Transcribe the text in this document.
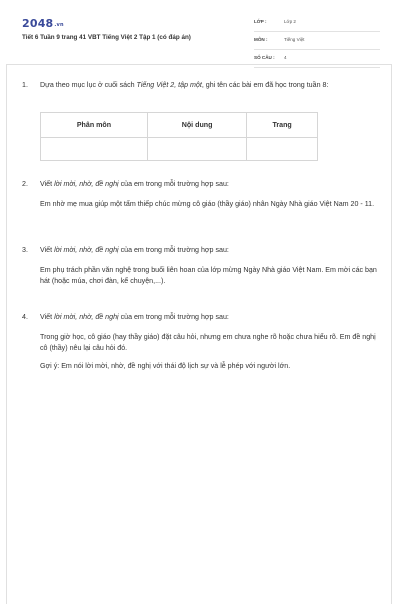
2048.vn
Tiết 6 Tuần 9 trang 41 VBT Tiếng Việt 2 Tập 1 (có đáp án)
LỚP :	Lớp 2
MÔN :	Tiếng Việt
SỐ CÂU : 4
1. Dựa theo mục lục ở cuối sách Tiếng Việt 2, tập một, ghi tên các bài em đã học trong tuần 8:
Phân môn	Nội dung	Trang

2. Viết lời mời, nhờ, đề nghị của em trong mỗi trường hợp sau:

Em nhờ mẹ mua giúp một tấm thiếp chúc mừng cô giáo (thầy giáo) nhân Ngày Nhà giáo Việt Nam 20 - 11.

3. Viết lời mời, nhờ, đề nghị của em trong mỗi trường hợp sau:

Em phụ trách phần văn nghệ trong buổi liên hoan của lớp mừng Ngày Nhà giáo Việt Nam. Em mời các bạn hát (hoặc múa, chơi đàn, kể chuyện,...).

4. Viết lời mời, nhờ, đề nghị của em trong mỗi trường hợp sau:

Trong giờ học, cô giáo (hay thầy giáo) đặt câu hỏi, nhưng em chưa nghe rõ hoặc chưa hiểu rõ. Em đề nghị cô (thầy) nêu lại câu hỏi đó.

Gợi ý: Em nói lời mời, nhờ, đề nghị với thái độ lịch sự và lễ phép với người lớn.
